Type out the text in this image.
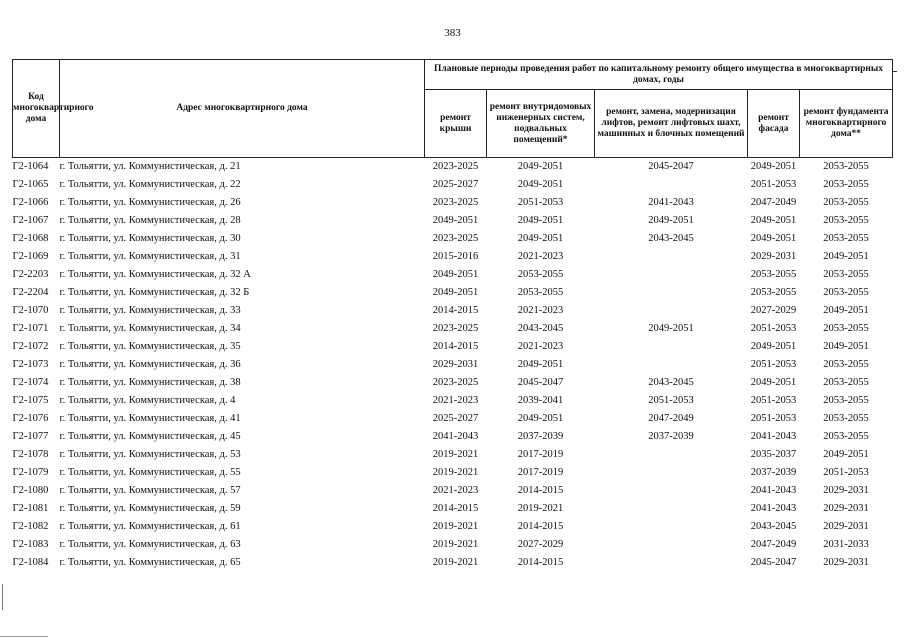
383
Код многоквартирного дома	Адрес многоквартирного дома	Плановые периоды проведения работ по капитальному ремонту общего имущества в многоквартирных домах, годы				
		ремонт крыши	ремонт внутридомовых инженерных систем, подвальных помещений*	ремонт, замена, модернизация лифтов, ремонт лифтовых шахт, машинных и блочных помещений	ремонт фасада	ремонт фундамента многоквартирного дома**
Г2-1064	г. Тольятти, ул. Коммунистическая, д. 21	2023-2025	2049-2051	2045-2047	2049-2051	2053-2055
Г2-1065	г. Тольятти, ул. Коммунистическая, д. 22	2025-2027	2049-2051		2051-2053	2053-2055
Г2-1066	г. Тольятти, ул. Коммунистическая, д. 26	2023-2025	2051-2053	2041-2043	2047-2049	2053-2055
Г2-1067	г. Тольятти, ул. Коммунистическая, д. 28	2049-2051	2049-2051	2049-2051	2049-2051	2053-2055
Г2-1068	г. Тольятти, ул. Коммунистическая, д. 30	2023-2025	2049-2051	2043-2045	2049-2051	2053-2055
Г2-1069	г. Тольятти, ул. Коммунистическая, д. 31	2015-2016	2021-2023		2029-2031	2049-2051
Г2-2203	г. Тольятти, ул. Коммунистическая, д. 32 А	2049-2051	2053-2055		2053-2055	2053-2055
Г2-2204	г. Тольятти, ул. Коммунистическая, д. 32 Б	2049-2051	2053-2055		2053-2055	2053-2055
Г2-1070	г. Тольятти, ул. Коммунистическая, д. 33	2014-2015	2021-2023		2027-2029	2049-2051
Г2-1071	г. Тольятти, ул. Коммунистическая, д. 34	2023-2025	2043-2045	2049-2051	2051-2053	2053-2055
Г2-1072	г. Тольятти, ул. Коммунистическая, д. 35	2014-2015	2021-2023		2049-2051	2049-2051
Г2-1073	г. Тольятти, ул. Коммунистическая, д. 36	2029-2031	2049-2051		2051-2053	2053-2055
Г2-1074	г. Тольятти, ул. Коммунистическая, д. 38	2023-2025	2045-2047	2043-2045	2049-2051	2053-2055
Г2-1075	г. Тольятти, ул. Коммунистическая, д. 4	2021-2023	2039-2041	2051-2053	2051-2053	2053-2055
Г2-1076	г. Тольятти, ул. Коммунистическая, д. 41	2025-2027	2049-2051	2047-2049	2051-2053	2053-2055
Г2-1077	г. Тольятти, ул. Коммунистическая, д. 45	2041-2043	2037-2039	2037-2039	2041-2043	2053-2055
Г2-1078	г. Тольятти, ул. Коммунистическая, д. 53	2019-2021	2017-2019		2035-2037	2049-2051
Г2-1079	г. Тольятти, ул. Коммунистическая, д. 55	2019-2021	2017-2019		2037-2039	2051-2053
Г2-1080	г. Тольятти, ул. Коммунистическая, д. 57	2021-2023	2014-2015		2041-2043	2029-2031
Г2-1081	г. Тольятти, ул. Коммунистическая, д. 59	2014-2015	2019-2021		2041-2043	2029-2031
Г2-1082	г. Тольятти, ул. Коммунистическая, д. 61	2019-2021	2014-2015		2043-2045	2029-2031
Г2-1083	г. Тольятти, ул. Коммунистическая, д. 63	2019-2021	2027-2029		2047-2049	2031-2033
Г2-1084	г. Тольятти, ул. Коммунистическая, д. 65	2019-2021	2014-2015		2045-2047	2029-2031
